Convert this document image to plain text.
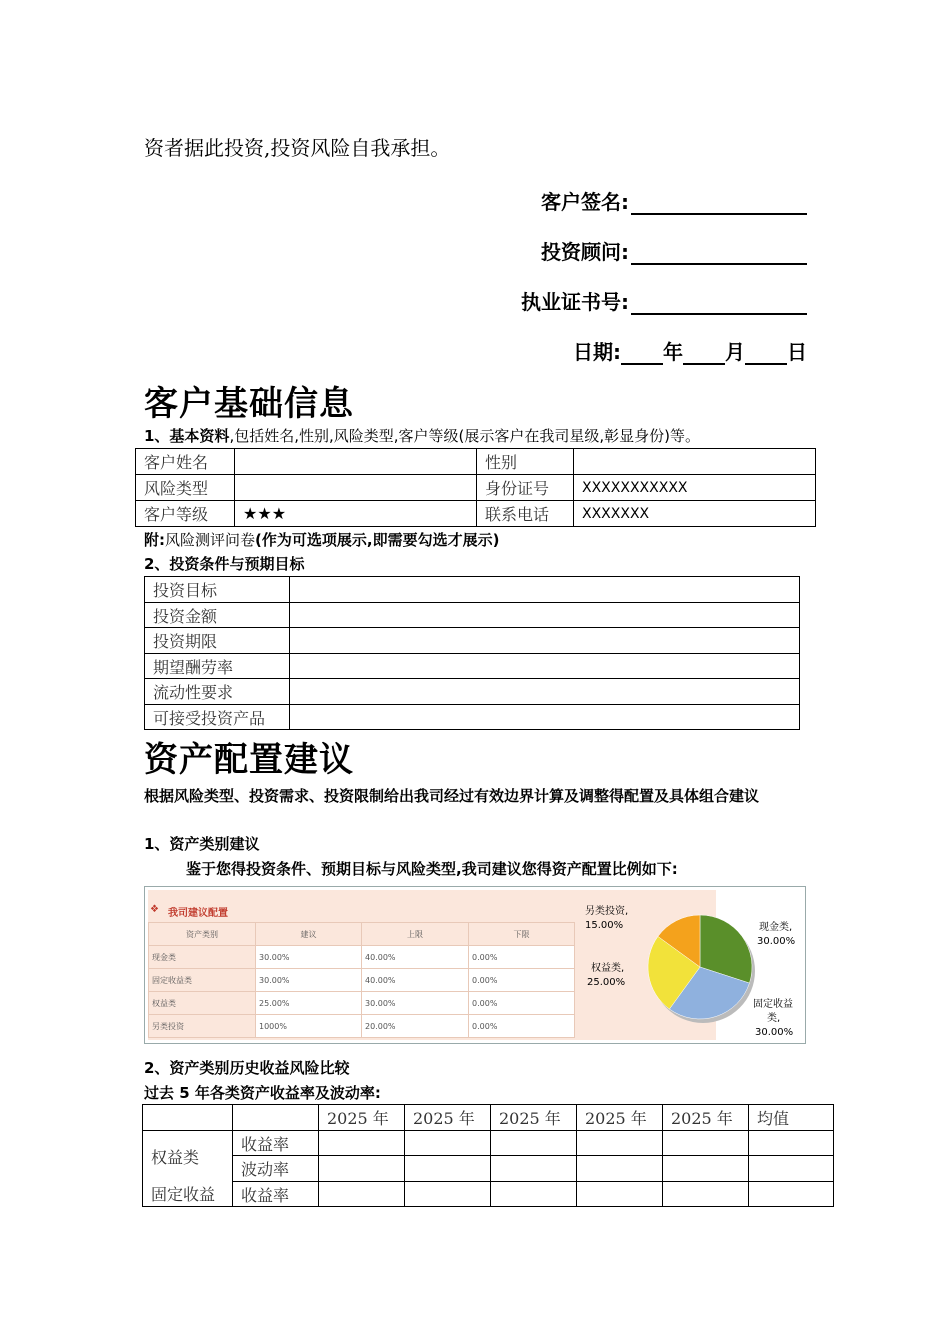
资者据此投资,投资风险自我承担。
客户签名:
投资顾问:
执业证书号:
日期: 年 月 日
客户基础信息
1、基本资料,包括姓名,性别,风险类型,客户等级(展示客户在我司星级,彰显身份)等。
客户姓名		性别	
风险类型		身份证号	XXXXXXXXXXX
客户等级	★★★	联系电话	XXXXXXX
附:风险测评问卷(作为可选项展示,即需要勾选才展示)
2、投资条件与预期目标
投资目标	
投资金额	
投资期限	
期望酬劳率	
流动性要求	
可接受投资产品	
资产配置建议
根据风险类型、投资需求、投资限制给出我司经过有效边界计算及调整得配置及具体组合建议
1、资产类别建议
鉴于您得投资条件、预期目标与风险类型,我司建议您得资产配置比例如下:
❖ 我司建议配置
资产类别	建议	上限	下限
现金类	30.00%	40.00%	0.00%
固定收益类	30.00%	40.00%	0.00%
权益类	25.00%	30.00%	0.00%
另类投资	1000%	20.00%	0.00%
另类投资,
15.00%	现金类,
30.00%
权益类,
25.00%
固定收益
类,
30.00%
2、资产类别历史收益风险比较
过去 5 年各类资产收益率及波动率:
		2025 年	2025 年	2025 年	2025 年	2025 年	均值
权益类	收益率						
	波动率						
固定收益	收益率						
